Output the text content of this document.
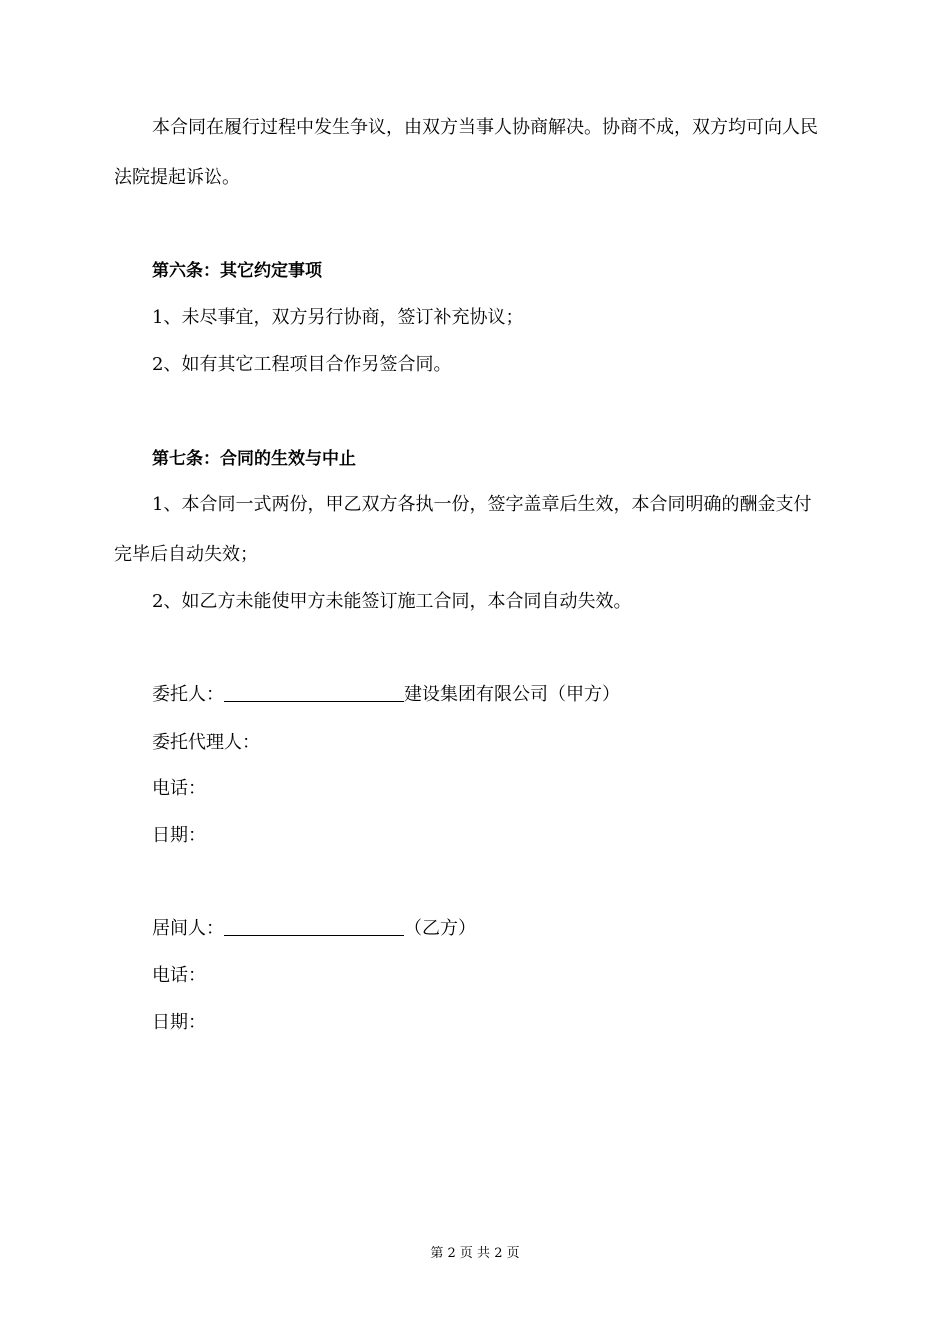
本合同在履行过程中发生争议，由双方当事人协商解决。协商不成，双方均可向人民
法院提起诉讼。
第六条：其它约定事项
1、未尽事宜，双方另行协商，签订补充协议；
2、如有其它工程项目合作另签合同。
第七条：合同的生效与中止
1、本合同一式两份，甲乙双方各执一份，签字盖章后生效，本合同明确的酬金支付
完毕后自动失效；
2、如乙方未能使甲方未能签订施工合同，本合同自动失效。
委托人：	建设集团有限公司（甲方）
委托代理人：
电话：
日期：
居间人：	（乙方）
电话：
日期：
第 2 页 共 2 页
